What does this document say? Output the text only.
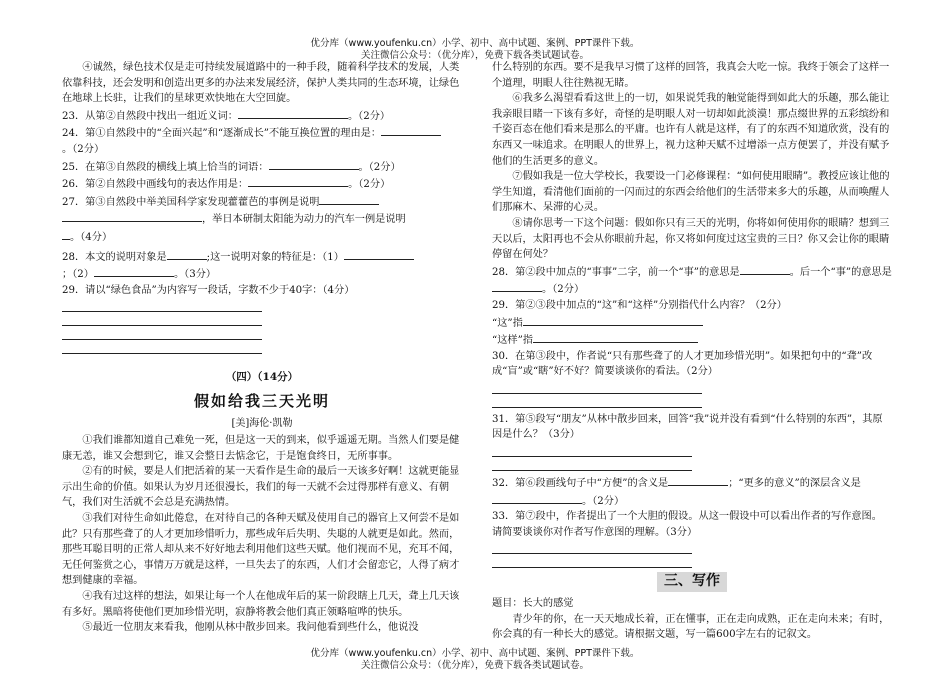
优分库（www.youfenku.cn）小学、初中、高中试题、案例、PPT课件下载。
关注微信公众号：（优分库），免费下载各类试题试卷。

④诚然，绿色技术仅是走可持续发展道路中的一种手段，随着科学技术的发展，人类依靠科技，还会发明和创造出更多的办法来发展经济，保护人类共同的生态环境，让绿色在地球上长驻，让我们的星球更欢快地在大空回旋。

23．从第②自然段中找出一组近义词：	。（2分）

24．第①自然段中的“全面兴起”和“逐渐成长”不能互换位置的理由是：

。（2分）

25．在第③自然段的横线上填上恰当的词语：	。（2分）

26．第②自然段中画线句的表达作用是：	。（2分）

27．第③自然段中举美国科学家发现藿藿芭的事例是说明

，举日本研制太阳能为动力的汽车一例是说明

。（4分）

28．本文的说明对象是	;这一说明对象的特征是：（1）

；（2）	。（3分）

29．请以“绿色食品”为内容写一段话，字数不少于40字：（4分）

（四）（14分）
假如给我三天光明
[美]海伦·凯勒

①我们谁都知道自己难免一死，但是这一天的到来，似乎遥遥无期。当然人们要是健康无恙，谁又会想到它，谁又会整日去惦念它，于是饱食终日，无所事事。

②有的时候，要是人们把活着的某一天看作是生命的最后一天该多好啊！这就更能显示出生命的价值。如果认为岁月还很漫长，我们的每一天就不会过得那样有意义、有朝气，我们对生活就不会总是充满热情。

③我们对待生命如此倦怠，在对待自己的各种天赋及使用自己的器官上又何尝不是如此？只有那些聋了的人才更加珍惜听力，那些成年后失明、失聪的人就更是如此。然而，那些耳聪目明的正常人却从来不好好地去利用他们这些天赋。他们视而不见，充耳不闻，无任何鉴赏之心，事情万万就是这样，一旦失去了的东西，人们才会留恋它，人得了病才想到健康的幸福。

④我有过这样的想法，如果让每一个人在他成年后的某一阶段瞎上几天，聋上几天该有多好。黑暗将使他们更加珍惜光明，寂静将教会他们真正领略喧哗的快乐。

⑤最近一位朋友来看我，他刚从林中散步回来。我问他看到些什么，他说没

什么特别的东西。要不是我早习惯了这样的回答，我真会大吃一惊。我终于领会了这样一个道理，明眼人往往熟视无睹。

⑥我多么渴望看看这世上的一切，如果说凭我的触觉能得到如此大的乐趣，那么能让我亲眼目睹一下该有多好，奇怪的是明眼人对一切却如此淡漠！那点缀世界的五彩缤纷和千姿百态在他们看来是那么的平庸。也许有人就是这样，有了的东西不知道欣赏，没有的东西又一味追求。在明眼人的世界上，视力这种天赋不过增添一点方便罢了，并没有赋予他们的生活更多的意义。

⑦假如我是一位大学校长，我要设一门必修课程：“如何使用眼睛”。教授应该让他的学生知道，看清他们面前的一闪而过的东西会给他们的生活带来多大的乐趣，从而唤醒人们那麻木、呆滞的心灵。

⑧请你思考一下这个问题：假如你只有三天的光明，你将如何使用你的眼睛？想到三天以后，太阳再也不会从你眼前升起，你又将如何度过这宝贵的三日？你又会让你的眼睛停留在何处？

28．第②段中加点的“事事”二字，前一个“事”的意思是	。后一个“事”的意思是。（2分）

29．第②③段中加点的“这”和“这样”分别指代什么内容？（2分）

“这”指

“这样”指

30．在第③段中，作者说“只有那些聋了的人才更加珍惜光明”。如果把句中的“聋”改成“盲”或“瞎”好不好？简要谈谈你的看法。（2分）

31．第⑤段写“朋友”从林中散步回来，回答“我”说并没有看到“什么特别的东西”，其原因是什么？（3分）

32．第⑥段画线句子中“方便”的含义是	；“更多的意义”的深层含义是。（2分）

33．第⑦段中，作者提出了一个大胆的假设。从这一假设中可以看出作者的写作意图。请简要谈谈你对作者写作意图的理解。（3分）

三、写作

题目：长大的感觉

青少年的你，在一天天地成长着，正在懂事，正在走向成熟，正在走向未来；有时，你会真的有一种长大的感觉。请根据文题，写一篇600字左右的记叙文。

优分库（www.youfenku.cn）小学、初中、高中试题、案例、PPT课件下载。
关注微信公众号：（优分库），免费下载各类试题试卷。
